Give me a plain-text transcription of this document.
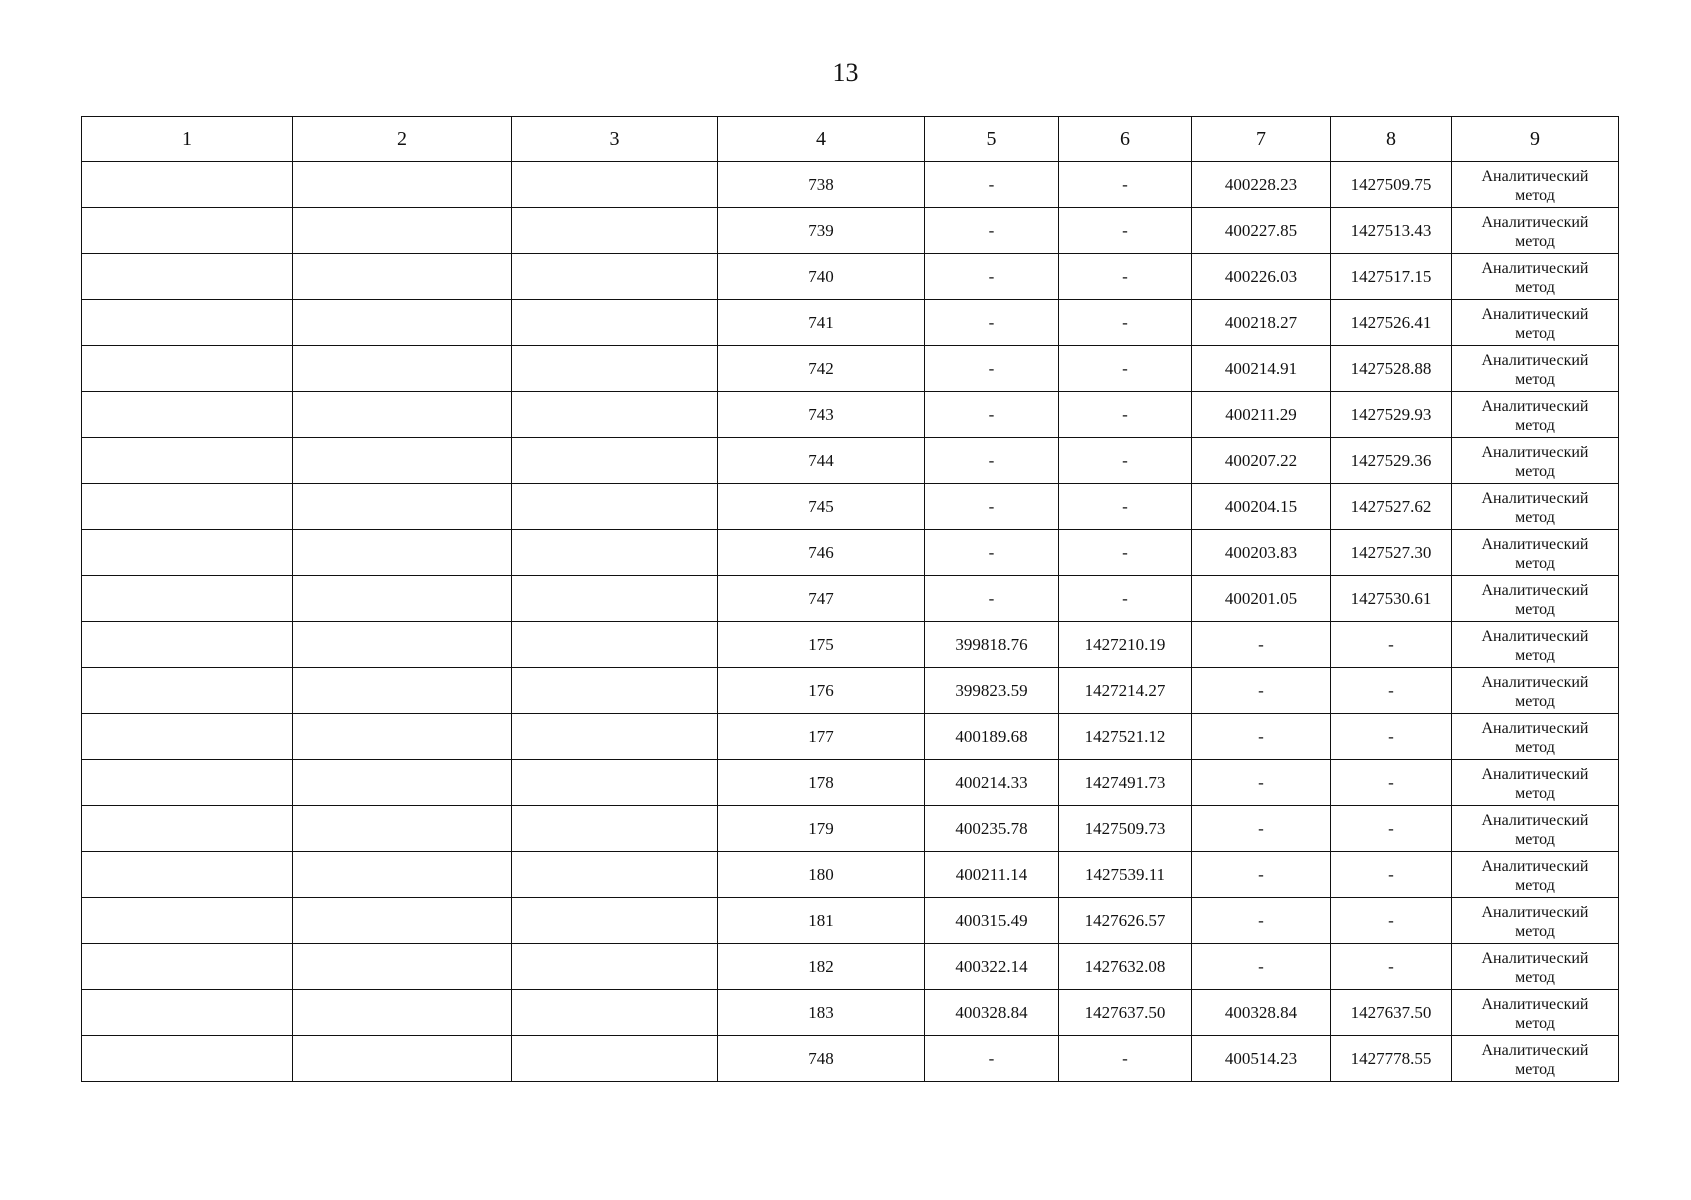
13
1	2	3	4	5	6	7	8	9
			738	-	-	400228.23	1427509.75	Аналитический
метод

			739	-	-	400227.85	1427513.43	Аналитический
метод

			740	-	-	400226.03	1427517.15	Аналитический
метод

			741	-	-	400218.27	1427526.41	Аналитический
метод

			742	-	-	400214.91	1427528.88	Аналитический
метод

			743	-	-	400211.29	1427529.93	Аналитический
метод

			744	-	-	400207.22	1427529.36	Аналитический
метод

			745	-	-	400204.15	1427527.62	Аналитический
метод

			746	-	-	400203.83	1427527.30	Аналитический
метод

			747	-	-	400201.05	1427530.61	Аналитический
метод

			175	399818.76	1427210.19	-	-	Аналитический
метод

			176	399823.59	1427214.27	-	-	Аналитический
метод

			177	400189.68	1427521.12	-	-	Аналитический
метод

			178	400214.33	1427491.73	-	-	Аналитический
метод

			179	400235.78	1427509.73	-	-	Аналитический
метод

			180	400211.14	1427539.11	-	-	Аналитический
метод

			181	400315.49	1427626.57	-	-	Аналитический
метод

			182	400322.14	1427632.08	-	-	Аналитический
метод

			183	400328.84	1427637.50	400328.84	1427637.50	Аналитический
метод

			748	-	-	400514.23	1427778.55	Аналитический
метод
